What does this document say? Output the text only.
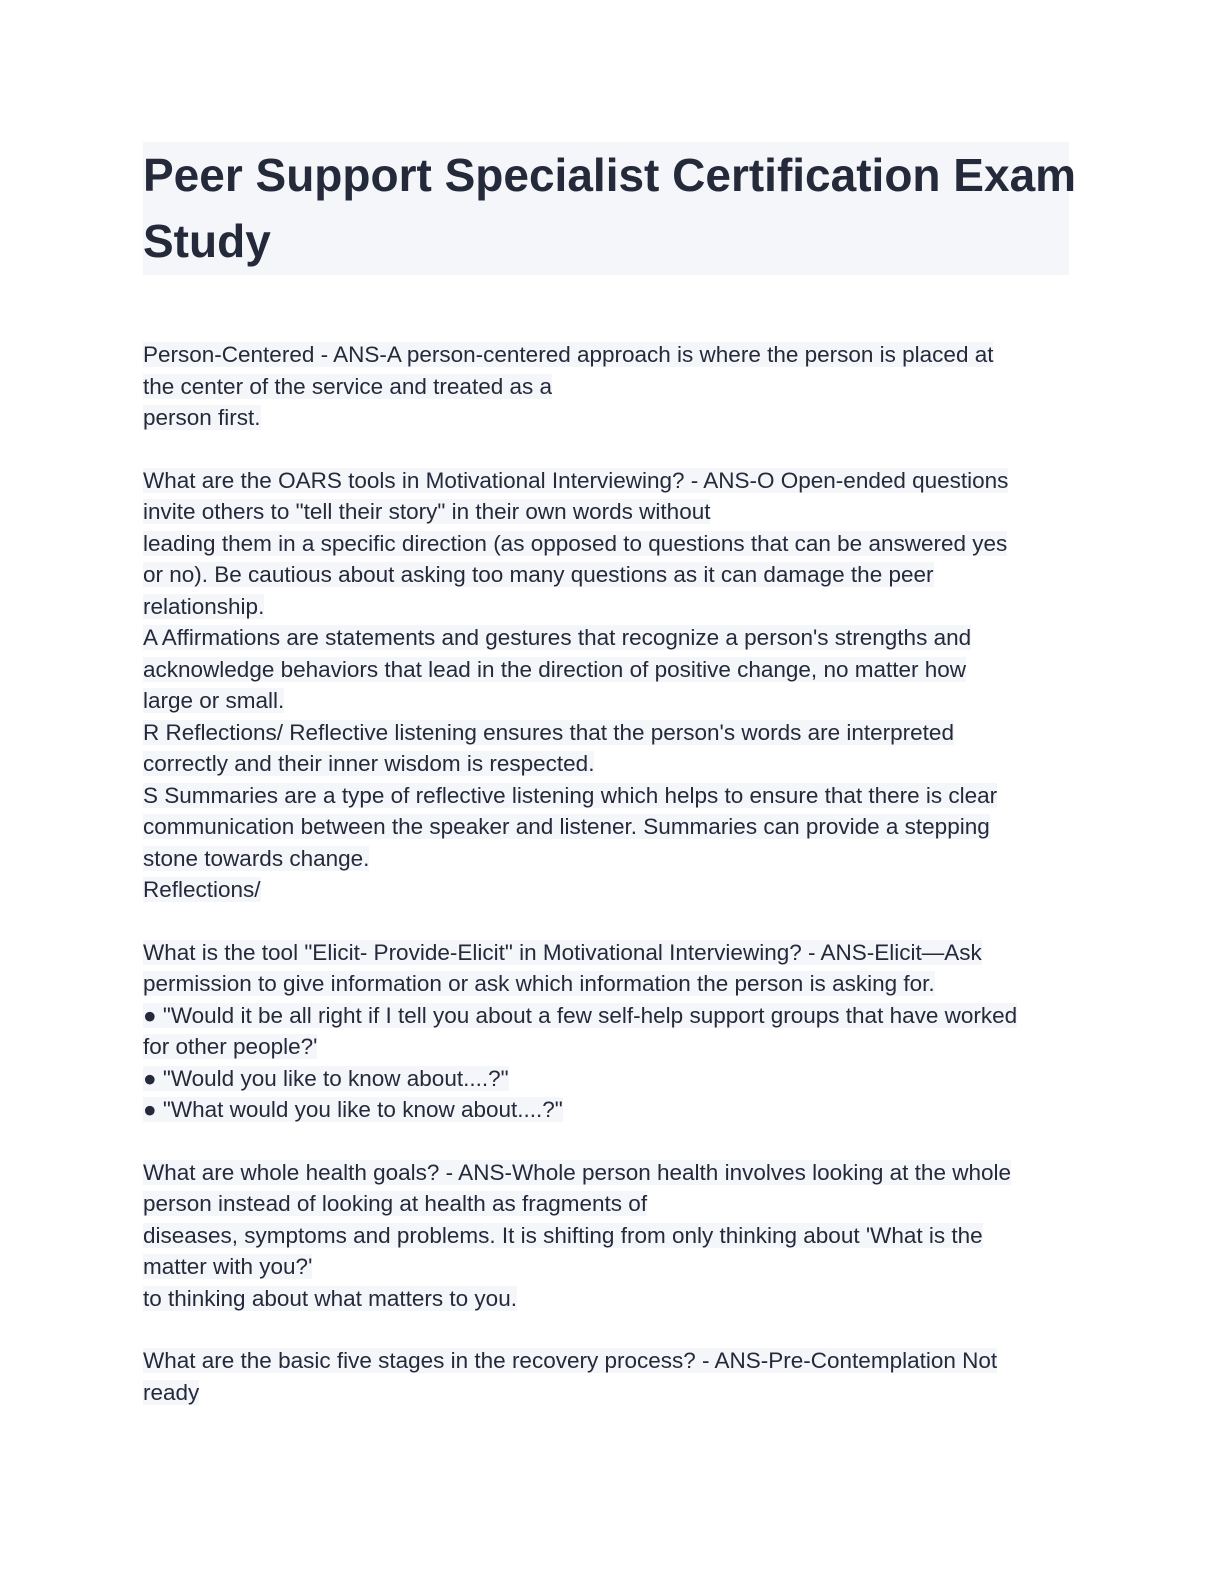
Peer Support Specialist Certification Exam
Study
Person-Centered - ANS-A person-centered approach is where the person is placed at
the center of the service and treated as a
person first.
What are the OARS tools in Motivational Interviewing? - ANS-O Open-ended questions
invite others to "tell their story" in their own words without
leading them in a specific direction (as opposed to questions that can be answered yes
or no). Be cautious about asking too many questions as it can damage the peer
relationship.
A Affirmations are statements and gestures that recognize a person's strengths and
acknowledge behaviors that lead in the direction of positive change, no matter how
large or small.
R Reflections/ Reflective listening ensures that the person's words are interpreted
correctly and their inner wisdom is respected.
S Summaries are a type of reflective listening which helps to ensure that there is clear
communication between the speaker and listener. Summaries can provide a stepping
stone towards change.
Reflections/
What is the tool "Elicit- Provide-Elicit" in Motivational Interviewing? - ANS-Elicit—Ask
permission to give information or ask which information the person is asking for.
● "Would it be all right if I tell you about a few self-help support groups that have worked
for other people?'
● "Would you like to know about....?"
● "What would you like to know about....?"
What are whole health goals? - ANS-Whole person health involves looking at the whole
person instead of looking at health as fragments of
diseases, symptoms and problems. It is shifting from only thinking about 'What is the
matter with you?'
to thinking about what matters to you.
What are the basic five stages in the recovery process? - ANS-Pre-Contemplation Not
ready
